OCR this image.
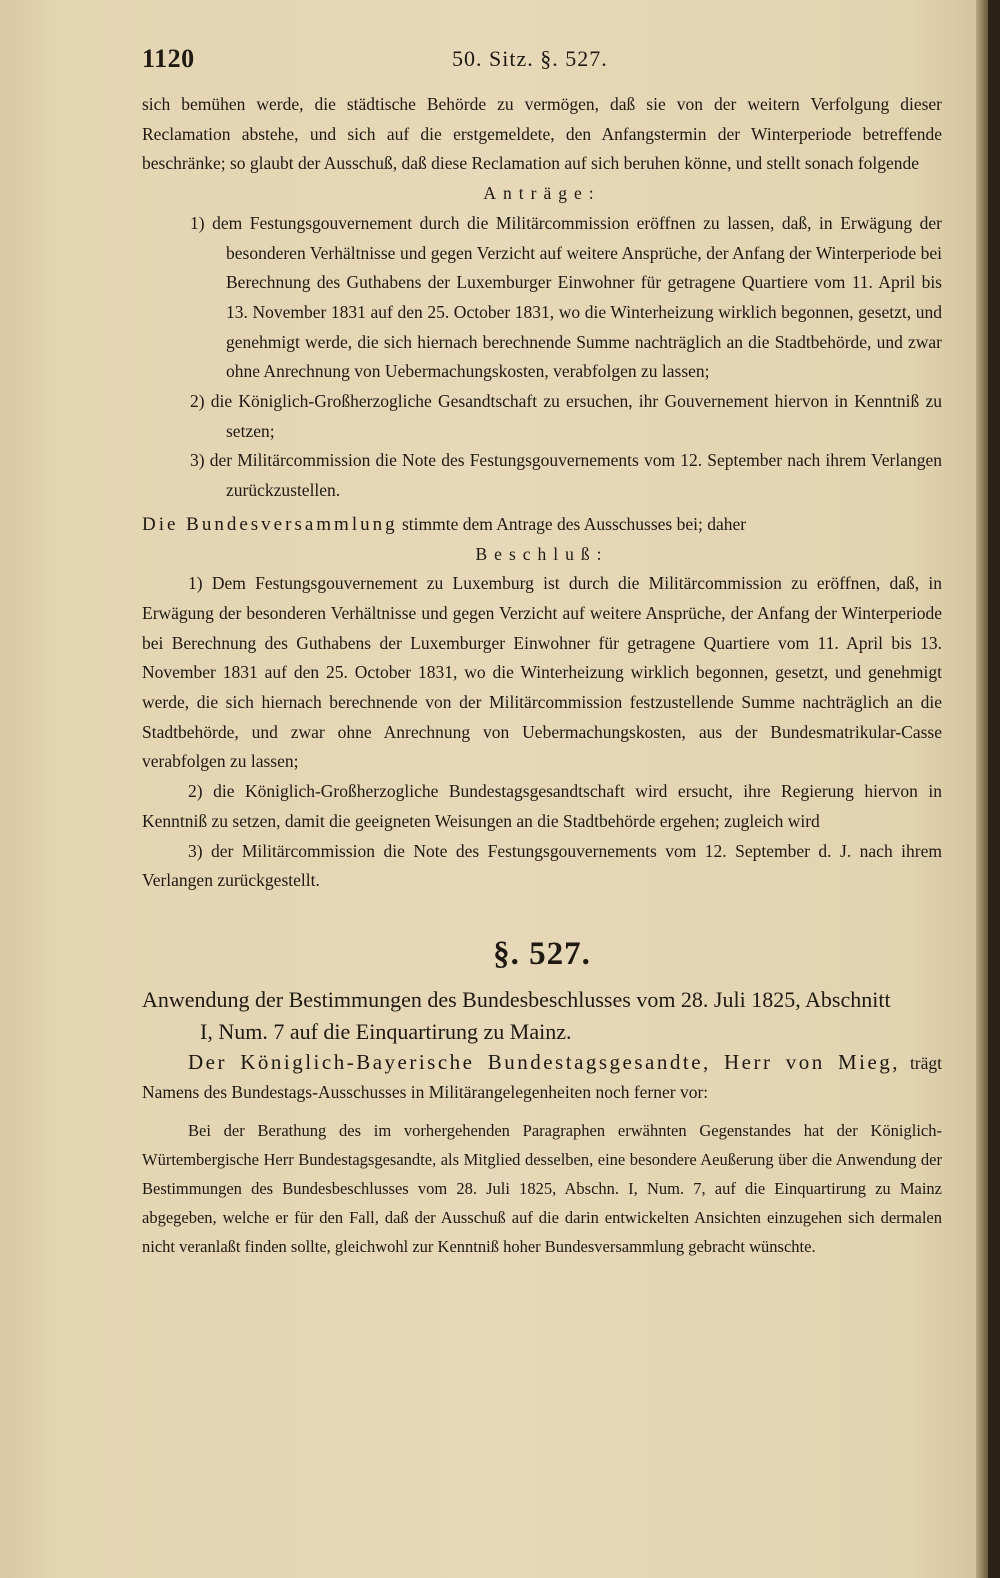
1120	50. Sitz. §. 527.

sich bemühen werde, die städtische Behörde zu vermögen, daß sie von der weitern Verfolgung dieser Reclamation abstehe, und sich auf die erstgemeldete, den Anfangstermin der Winterperiode betreffende beschränke; so glaubt der Ausschuß, daß diese Reclamation auf sich beruhen könne, und stellt sonach folgende

Anträge:

1) dem Festungsgouvernement durch die Militärcommission eröffnen zu lassen, daß, in Erwägung der besonderen Verhältnisse und gegen Verzicht auf weitere Ansprüche, der Anfang der Winterperiode bei Berechnung des Guthabens der Luxemburger Einwohner für getragene Quartiere vom 11. April bis 13. November 1831 auf den 25. October 1831, wo die Winterheizung wirklich begonnen, gesetzt, und genehmigt werde, die sich hiernach berechnende Summe nachträglich an die Stadtbehörde, und zwar ohne Anrechnung von Uebermachungskosten, verabfolgen zu lassen;

2) die Königlich-Großherzogliche Gesandtschaft zu ersuchen, ihr Gouvernement hiervon in Kenntniß zu setzen;

3) der Militärcommission die Note des Festungsgouvernements vom 12. September nach ihrem Verlangen zurückzustellen.

Die Bundesversammlung stimmte dem Antrage des Ausschusses bei; daher

Beschluß:

1) Dem Festungsgouvernement zu Luxemburg ist durch die Militärcommission zu eröffnen, daß, in Erwägung der besonderen Verhältnisse und gegen Verzicht auf weitere Ansprüche, der Anfang der Winterperiode bei Berechnung des Guthabens der Luxemburger Einwohner für getragene Quartiere vom 11. April bis 13. November 1831 auf den 25. October 1831, wo die Winterheizung wirklich begonnen, gesetzt, und genehmigt werde, die sich hiernach berechnende von der Militärcommission festzustellende Summe nachträglich an die Stadtbehörde, und zwar ohne Anrechnung von Uebermachungskosten, aus der Bundesmatrikular-Casse verabfolgen zu lassen;

2) die Königlich-Großherzogliche Bundestagsgesandtschaft wird ersucht, ihre Regierung hiervon in Kenntniß zu setzen, damit die geeigneten Weisungen an die Stadtbehörde ergehen; zugleich wird

3) der Militärcommission die Note des Festungsgouvernements vom 12. September d. J. nach ihrem Verlangen zurückgestellt.

§. 527.

Anwendung der Bestimmungen des Bundesbeschlusses vom 28. Juli 1825, Abschnitt
I, Num. 7 auf die Einquartirung zu Mainz.

Der Königlich-Bayerische Bundestagsgesandte, Herr von Mieg, trägt Namens des Bundestags-Ausschusses in Militärangelegenheiten noch ferner vor:

Bei der Berathung des im vorhergehenden Paragraphen erwähnten Gegenstandes hat der Königlich-Würtembergische Herr Bundestagsgesandte, als Mitglied desselben, eine besondere Aeußerung über die Anwendung der Bestimmungen des Bundesbeschlusses vom 28. Juli 1825, Abschn. I, Num. 7, auf die Einquartirung zu Mainz abgegeben, welche er für den Fall, daß der Ausschuß auf die darin entwickelten Ansichten einzugehen sich dermalen nicht veranlaßt finden sollte, gleichwohl zur Kenntniß hoher Bundesversammlung gebracht wünschte.
